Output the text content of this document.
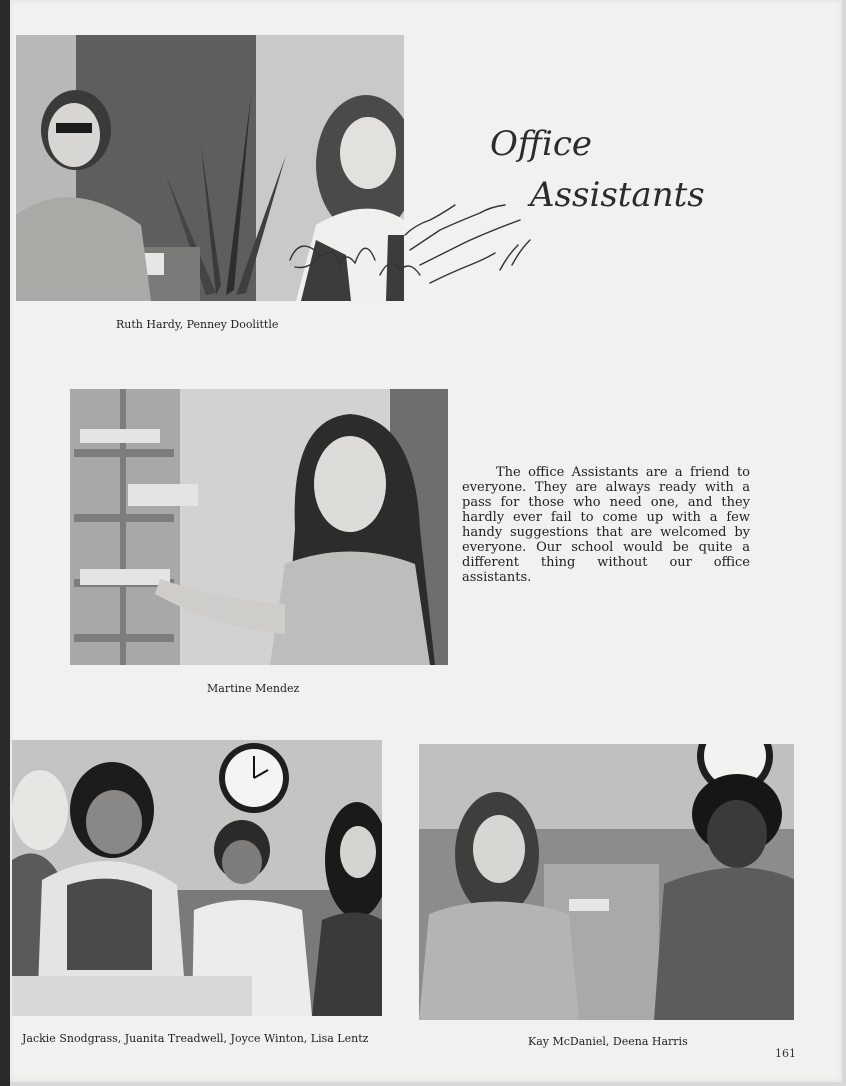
Ruth Hardy, Penney Doolittle
Office
Assistants
Martine Mendez
The office Assistants are a friend to everyone. They are always ready with a pass for those who need one, and they hardly ever fail to come up with a few handy suggestions that are welcomed by everyone. Our school would be quite a different thing without our office assistants.
Jackie Snodgrass, Juanita Treadwell, Joyce Winton, Lisa Lentz	Kay McDaniel, Deena Harris
161
